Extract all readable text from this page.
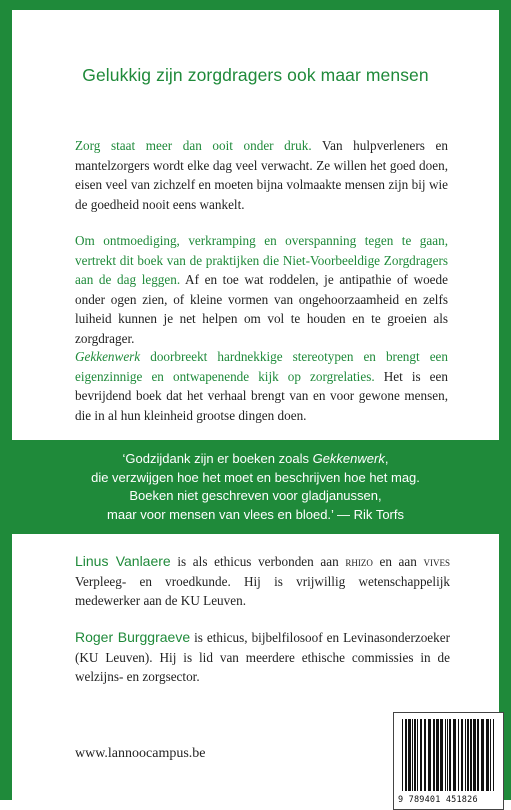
Gelukkig zijn zorgdragers ook maar mensen

Zorg staat meer dan ooit onder druk. Van hulpverleners en mantelzorgers wordt elke dag veel verwacht. Ze willen het goed doen, eisen veel van zichzelf en moeten bijna volmaakte mensen zijn bij wie de goedheid nooit eens wankelt.

Om ontmoediging, verkramping en overspanning tegen te gaan, vertrekt dit boek van de praktijken die Niet-Voorbeeldige Zorgdragers aan de dag leggen. Af en toe wat roddelen, je antipathie of woede onder ogen zien, of kleine vormen van ongehoorzaamheid en zelfs luiheid kunnen je net helpen om vol te houden en te groeien als zorgdrager.

Gekkenwerk doorbreekt hardnekkige stereotypen en brengt een eigenzinnige en ontwapenende kijk op zorgrelaties. Het is een bevrijdend boek dat het verhaal brengt van en voor gewone mensen, die in al hun kleinheid grootse dingen doen.

‘Godzijdank zijn er boeken zoals Gekkenwerk,
die verzwijgen hoe het moet en beschrijven hoe het mag.
Boeken niet geschreven voor gladjanussen,
maar voor mensen van vlees en bloed.’ — Rik Torfs
Linus Vanlaere is als ethicus verbonden aan rhizo en aan vives Verpleeg- en vroedkunde. Hij is vrijwillig wetenschappelijk medewerker aan de KU Leuven.
Roger Burggraeve is ethicus, bijbelfilosoof en Levinasonderzoeker (KU Leuven). Hij is lid van meerdere ethische commissies in de welzijns- en zorgsector.
www.lannoocampus.be
9 789401 451826
